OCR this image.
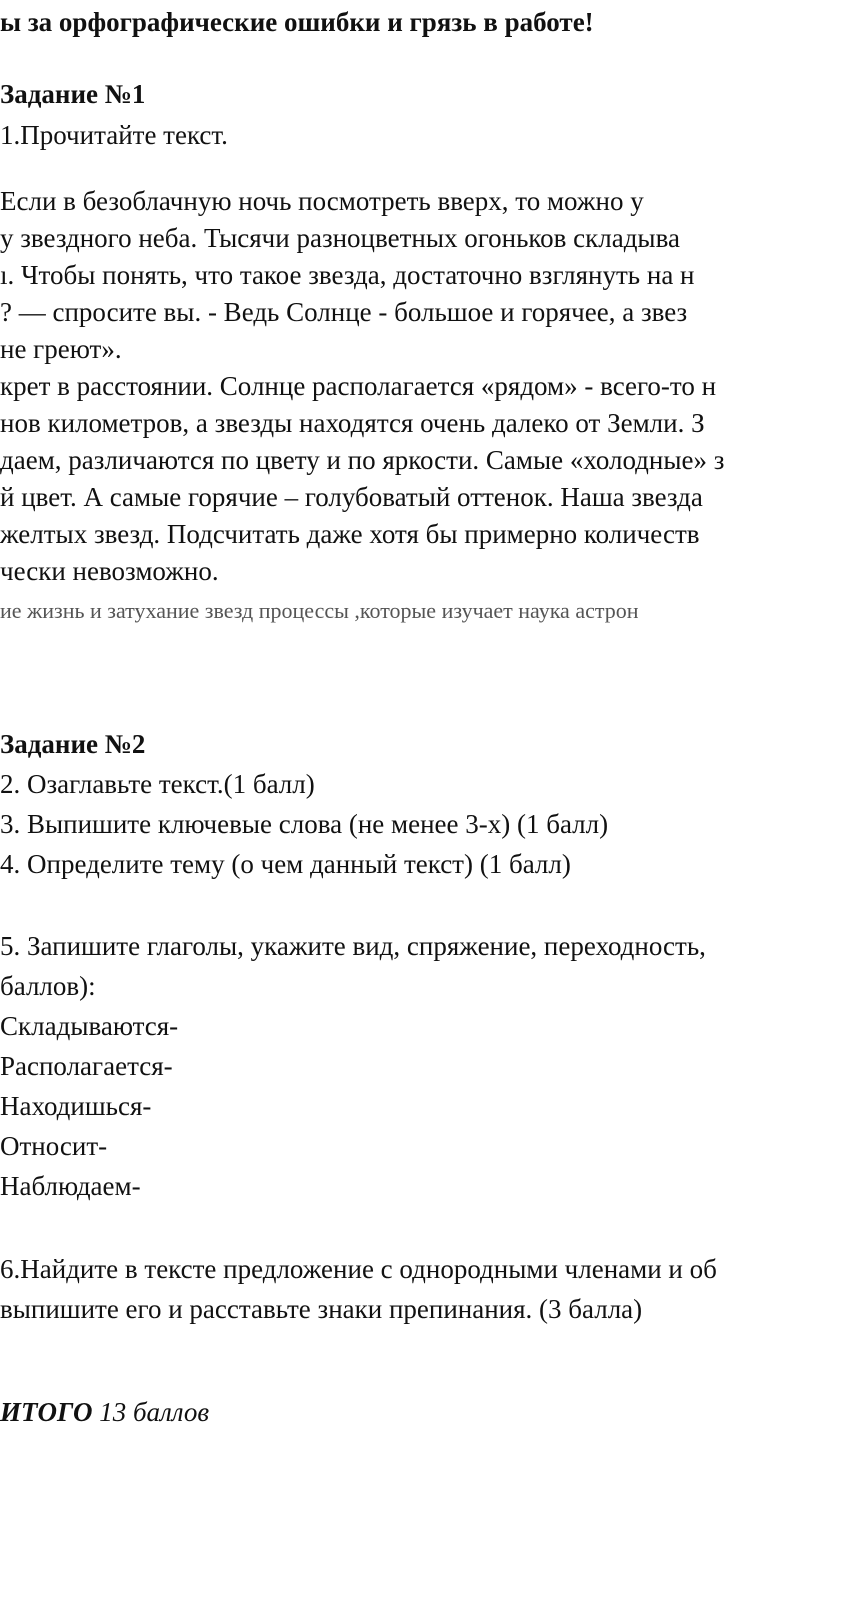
ы за орфографические ошибки и грязь в работе!
Задание №1
1.Прочитайте текст.
Если в безоблачную ночь посмотреть вверх, то можно у
у звездного неба. Тысячи разноцветных огоньков складыва
ı. Чтобы понять, что такое звезда, достаточно взглянуть на н
? — спросите вы. - Ведь Солнце - большое и горячее, а звез
не греют».
крет в расстоянии. Солнце располагается «рядом» - всего-то н
нов километров, а звезды находятся очень далеко от Земли. З
даем, различаются по цвету и по яркости. Самые «холодные» з
й цвет. А самые горячие – голубоватый оттенок. Наша звезда
желтых звезд. Подсчитать даже хотя бы примерно количеств
чески невозможно.
ие жизнь и затухание звезд процессы ,которые изучает наука астрон
Задание №2
2. Озаглавьте текст.(1 балл)
3. Выпишите ключевые слова (не менее 3-х) (1 балл)
4. Определите тему (о чем данный текст) (1 балл)
5. Запишите глаголы, укажите вид, спряжение, переходность,
баллов):
Складываются-
Располагается-
Находишься-
Относит-
Наблюдаем-
6.Найдите в тексте предложение с однородными членами и об
выпишите его и расставьте знаки препинания. (3 балла)
ИТОГО 13 баллов
